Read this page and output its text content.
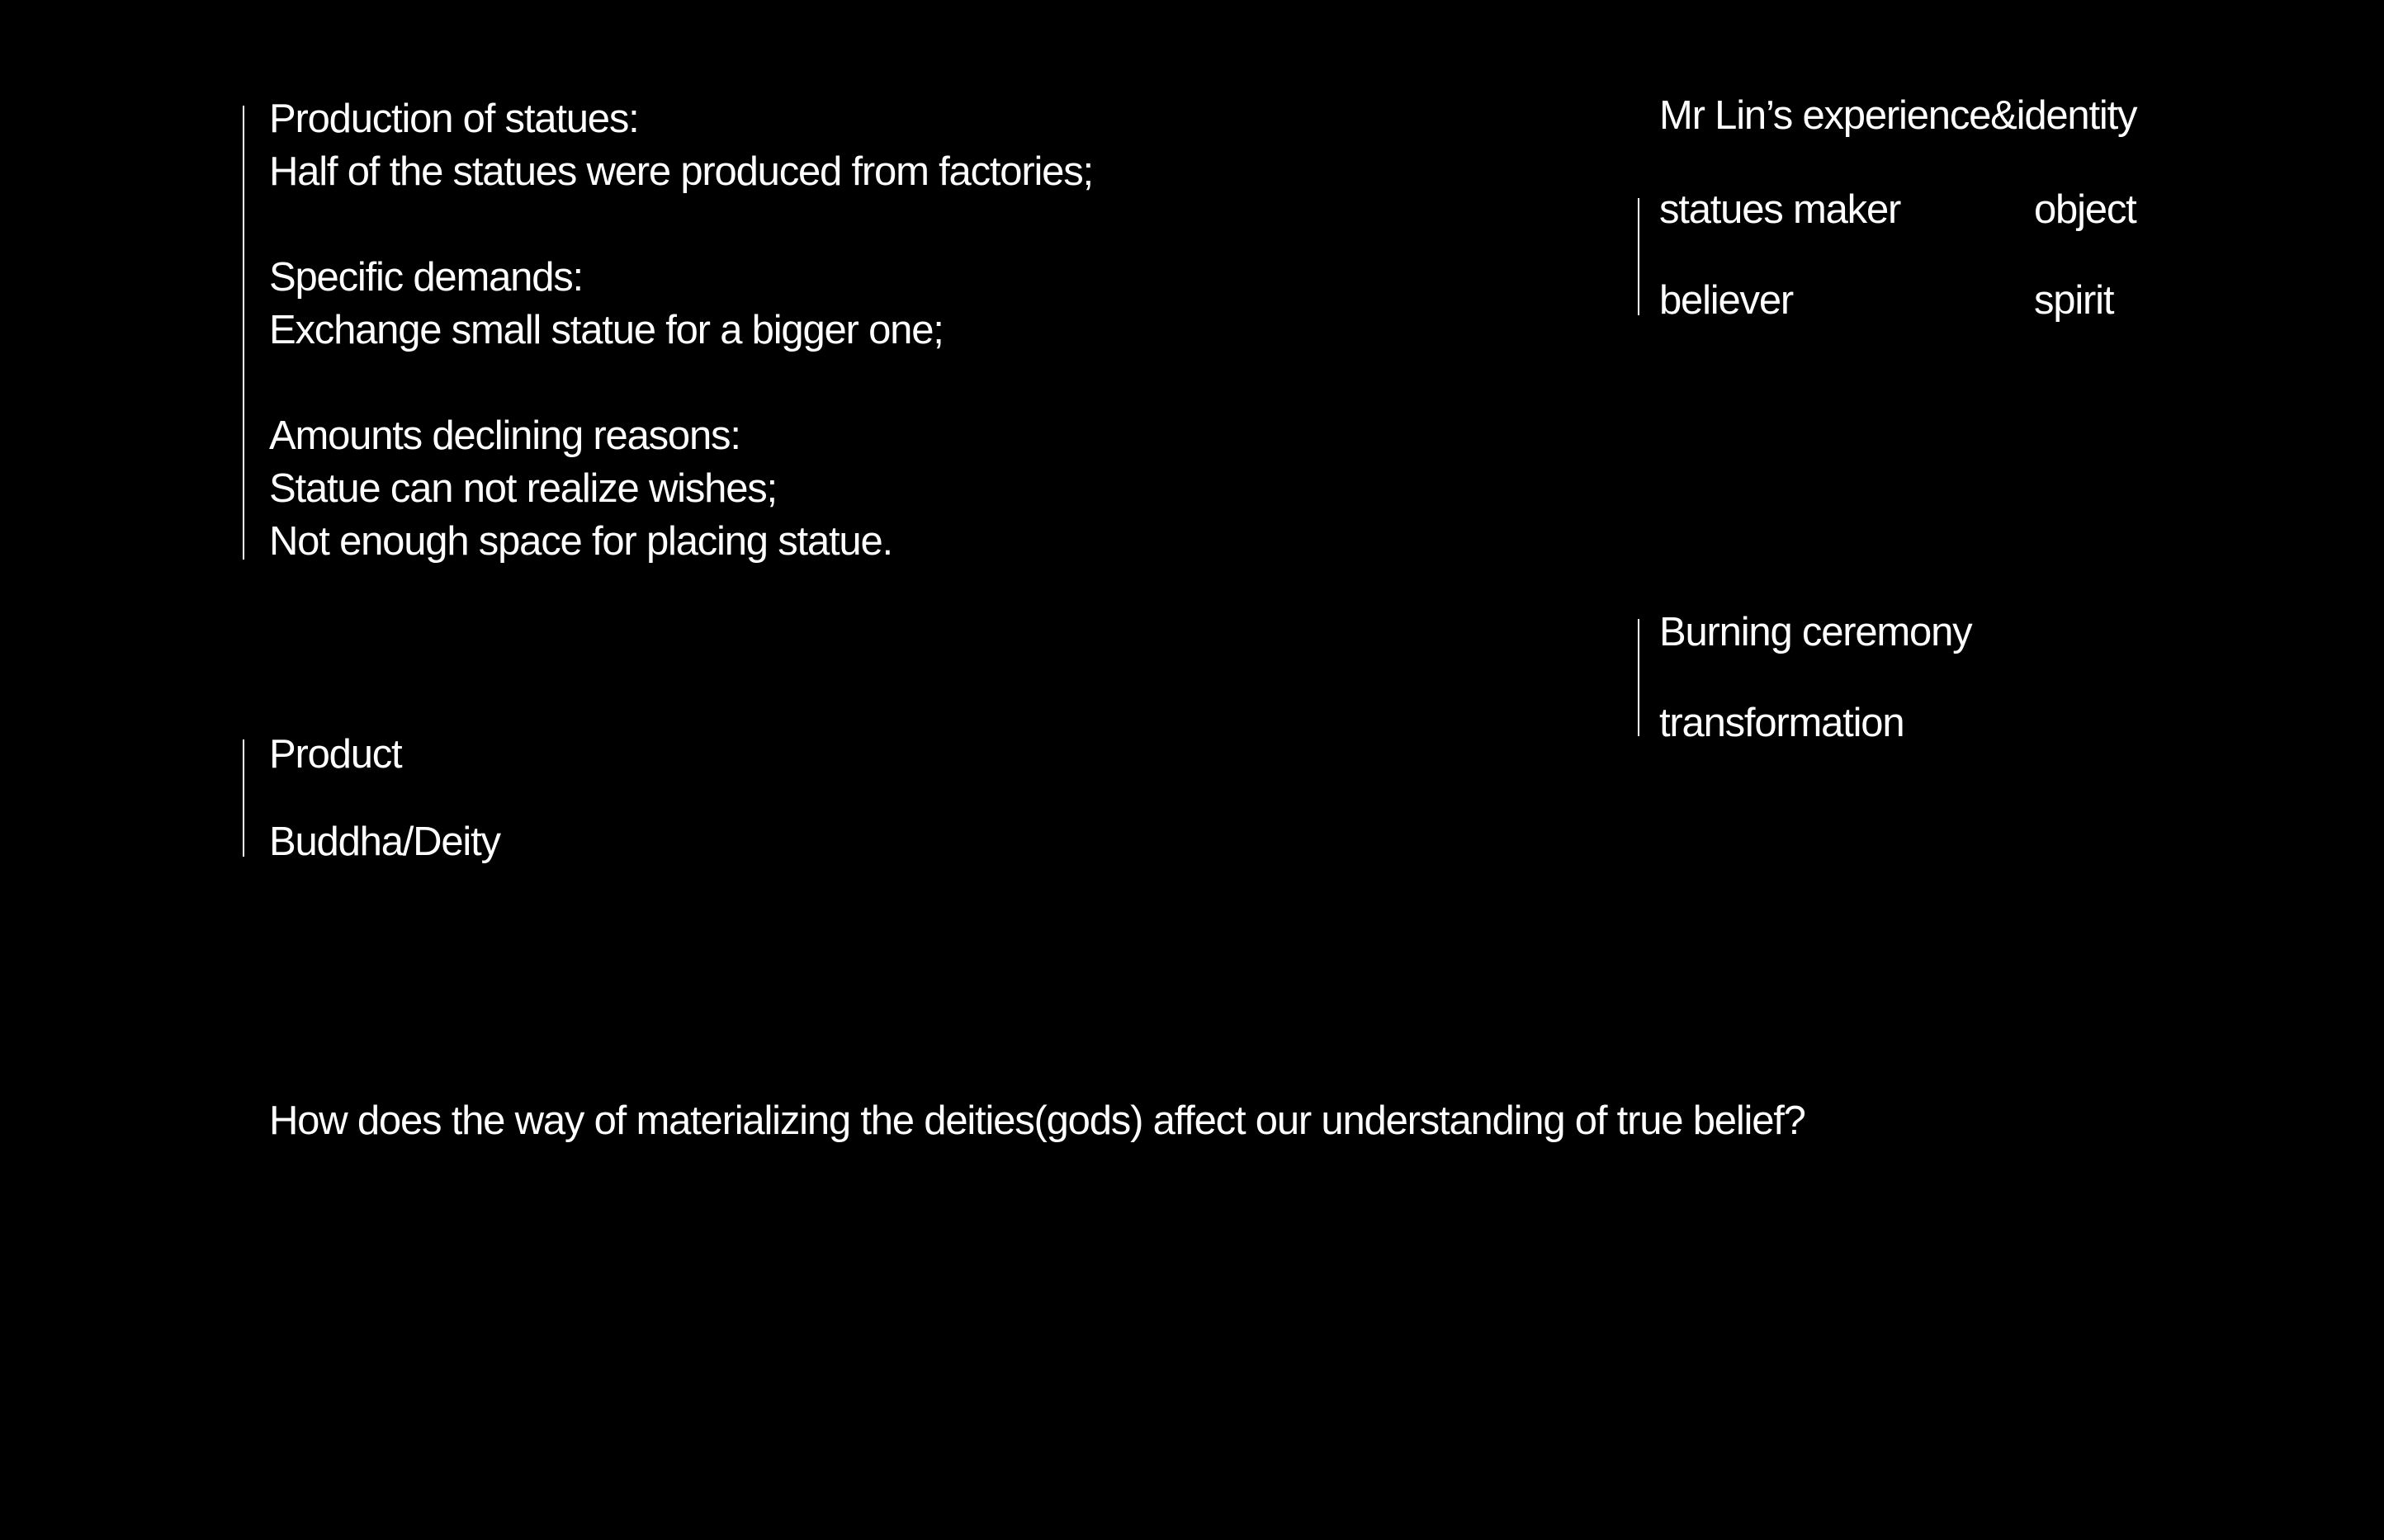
Production of statues:
Half of the statues were produced from factories;
Specific demands:
Exchange small statue for a bigger one;
Amounts declining reasons:
Statue can not realize wishes;
Not enough space for placing statue.
Product
Buddha/Deity
Mr Lin’s experience&identity
statues maker	object
believer	spirit
Burning ceremony
transformation
How does the way of materializing the deities(gods) affect our understanding of true belief?
